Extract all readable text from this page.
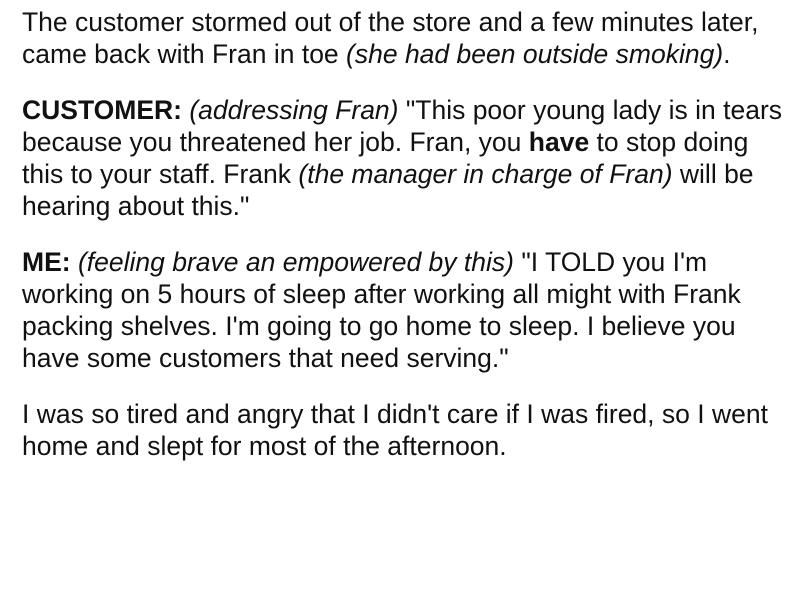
The customer stormed out of the store and a few minutes later, came back with Fran in toe (she had been outside smoking).

CUSTOMER: (addressing Fran) "This poor young lady is in tears because you threatened her job. Fran, you have to stop doing this to your staff. Frank (the manager in charge of Fran) will be hearing about this."

ME: (feeling brave an empowered by this) "I TOLD you I'm working on 5 hours of sleep after working all might with Frank packing shelves. I'm going to go home to sleep. I believe you have some customers that need serving."

I was so tired and angry that I didn't care if I was fired, so I went home and slept for most of the afternoon.
